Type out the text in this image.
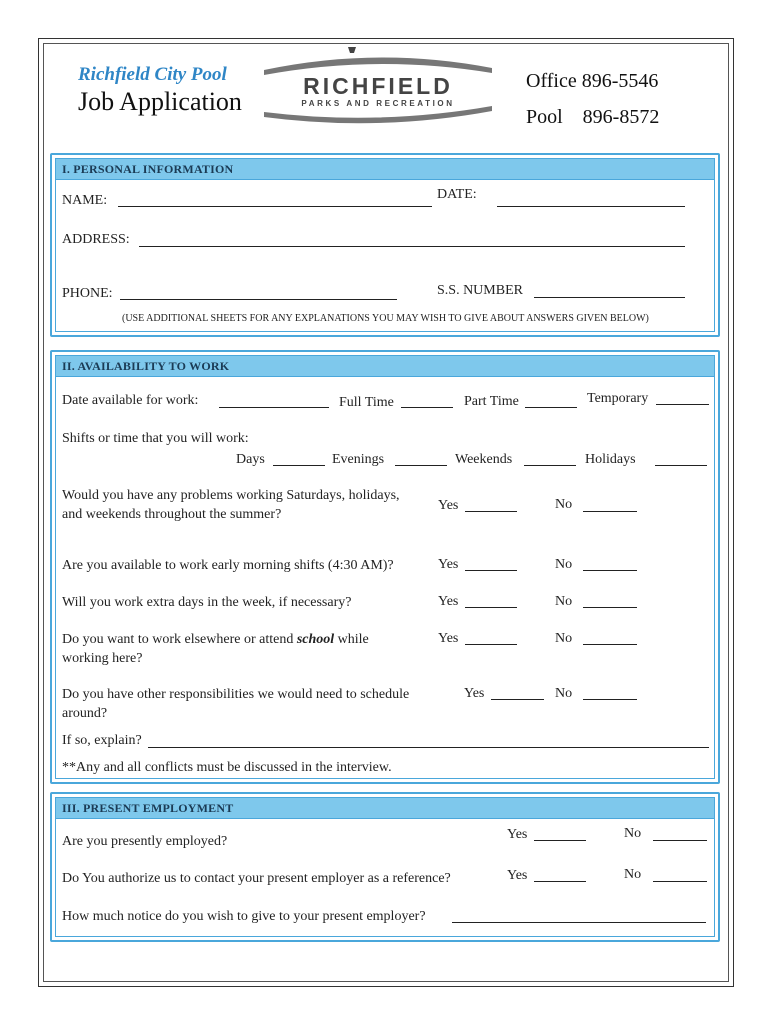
Richfield City Pool
Job Application
RICHFIELD
PARKS AND RECREATION
Office 896-5546
Pool    896-8572
I. PERSONAL INFORMATION
NAME:	DATE:
ADDRESS:
PHONE:	S.S. NUMBER
(USE ADDITIONAL SHEETS FOR ANY EXPLANATIONS YOU MAY WISH TO GIVE ABOUT ANSWERS GIVEN BELOW)
II. AVAILABILITY TO WORK
Date available for work:	Full Time	Part Time	Temporary
Shifts or time that you will work:
Days	Evenings	Weekends	Holidays
Would you have any problems working Saturdays, holidays,
and weekends throughout the summer?
Yes	No
Are you available to work early morning shifts (4:30 AM)?	Yes	No
Will you work extra days in the week, if necessary?	Yes	No
Do you want to work elsewhere or attend school while
working here?
Yes	No
Do you have other responsibilities we would need to schedule
around?
Yes	No
If so, explain?
**Any and all conflicts must be discussed in the interview.
III. PRESENT EMPLOYMENT
Are you presently employed?	Yes	No
Do You authorize us to contact your present employer as a reference?	Yes	No
How much notice do you wish to give to your present employer?
